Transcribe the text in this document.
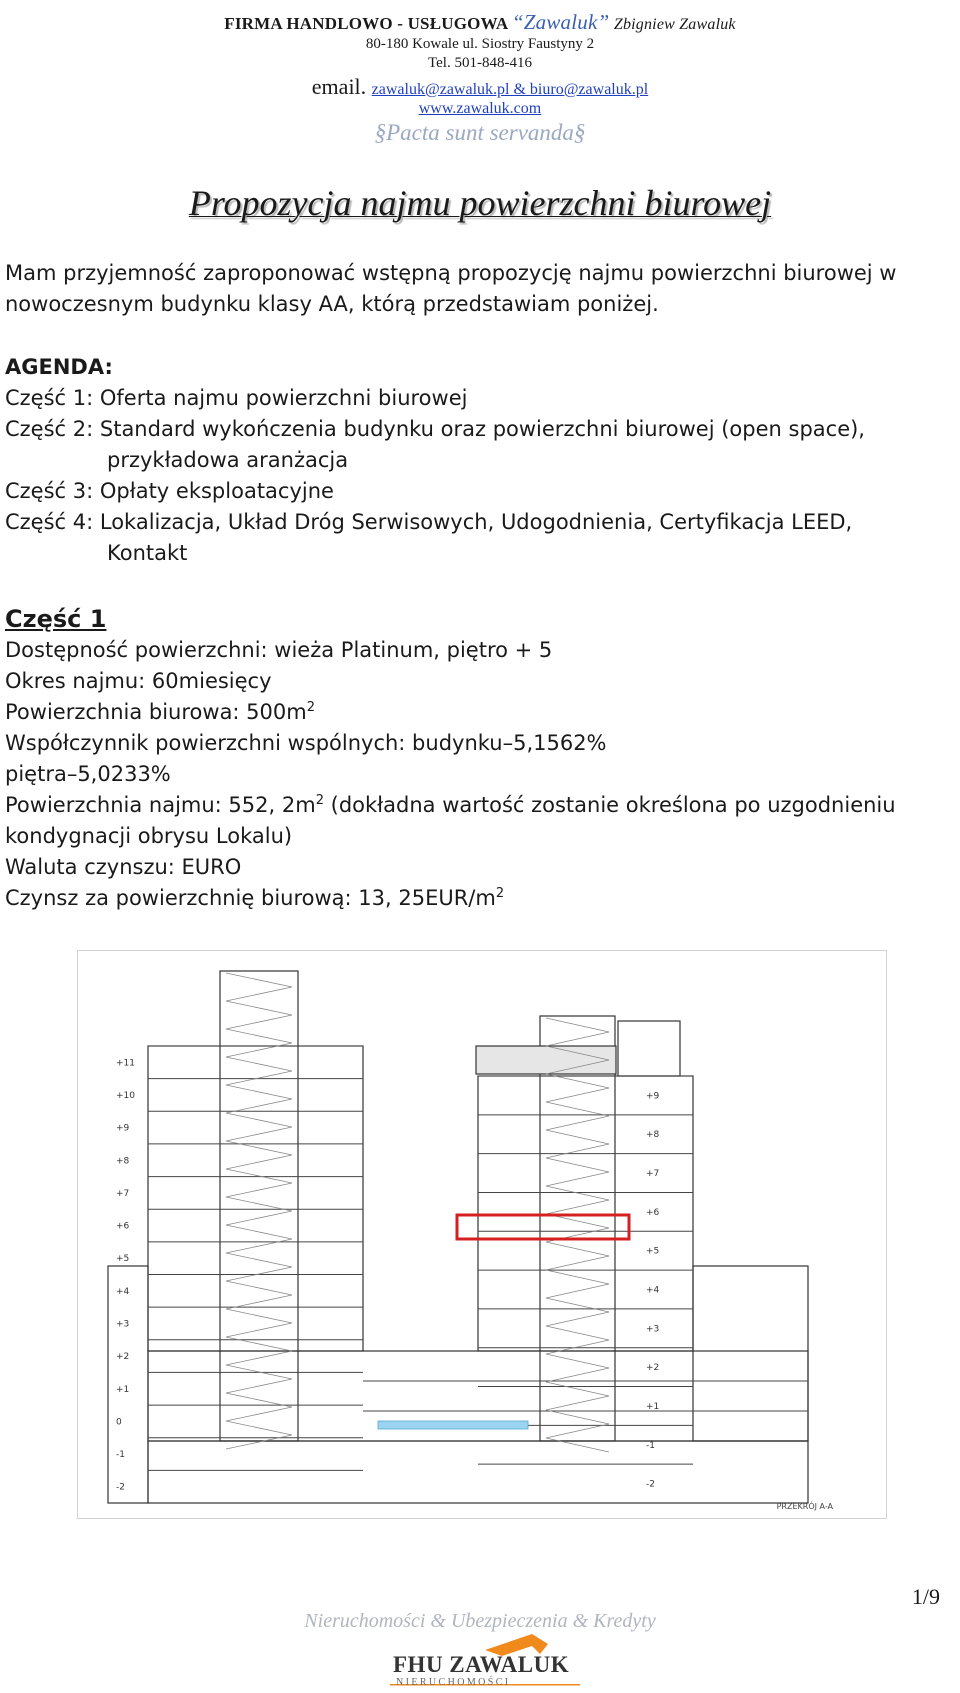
FIRMA HANDLOWO - USŁUGOWA “Zawaluk” Zbigniew Zawaluk
80-180 Kowale ul. Siostry Faustyny 2
Tel. 501-848-416
email. zawaluk@zawaluk.pl & biuro@zawaluk.pl
www.zawaluk.com
§Pacta sunt servanda§
Propozycja najmu powierzchni biurowej
Mam przyjemność zaproponować wstępną propozycję najmu powierzchni biurowej w
nowoczesnym budynku klasy AA, którą przedstawiam poniżej.
AGENDA:
Część 1: Oferta najmu powierzchni biurowej
Część 2: Standard wykończenia budynku oraz powierzchni biurowej (open space),
przykładowa aranżacja
Część 3: Opłaty eksploatacyjne
Część 4: Lokalizacja, Układ Dróg Serwisowych, Udogodnienia, Certyfikacja LEED,
Kontakt
Część 1
Dostępność powierzchni: wieża Platinum, piętro + 5
Okres najmu: 60miesięcy
Powierzchnia biurowa: $500m^2$
Współczynnik powierzchni wspólnych: budynku–5,1562%
piętra–5,0233%
Powierzchnia najmu: 552, $2m^2$ (dokładna wartość zostanie określona po uzgodnieniu
kondygnacji obrysu Lokalu)
Waluta czynszu: EURO
Czynsz za powierzchnię biurową: 13, $25EUR/m^2$
+11
+10
+9
+8
+7
+6
+5
+4
+3
+2
+1
0
-1
-2
+9
+8
+7
+6
+5
+4
+3
+2
+1
-1
-2
PRZEKRÓJ A-A
1/9
Nieruchomości & Ubezpieczenia & Kredyty
FHU ZAWALUK
NIERUCHOMOŚCI
